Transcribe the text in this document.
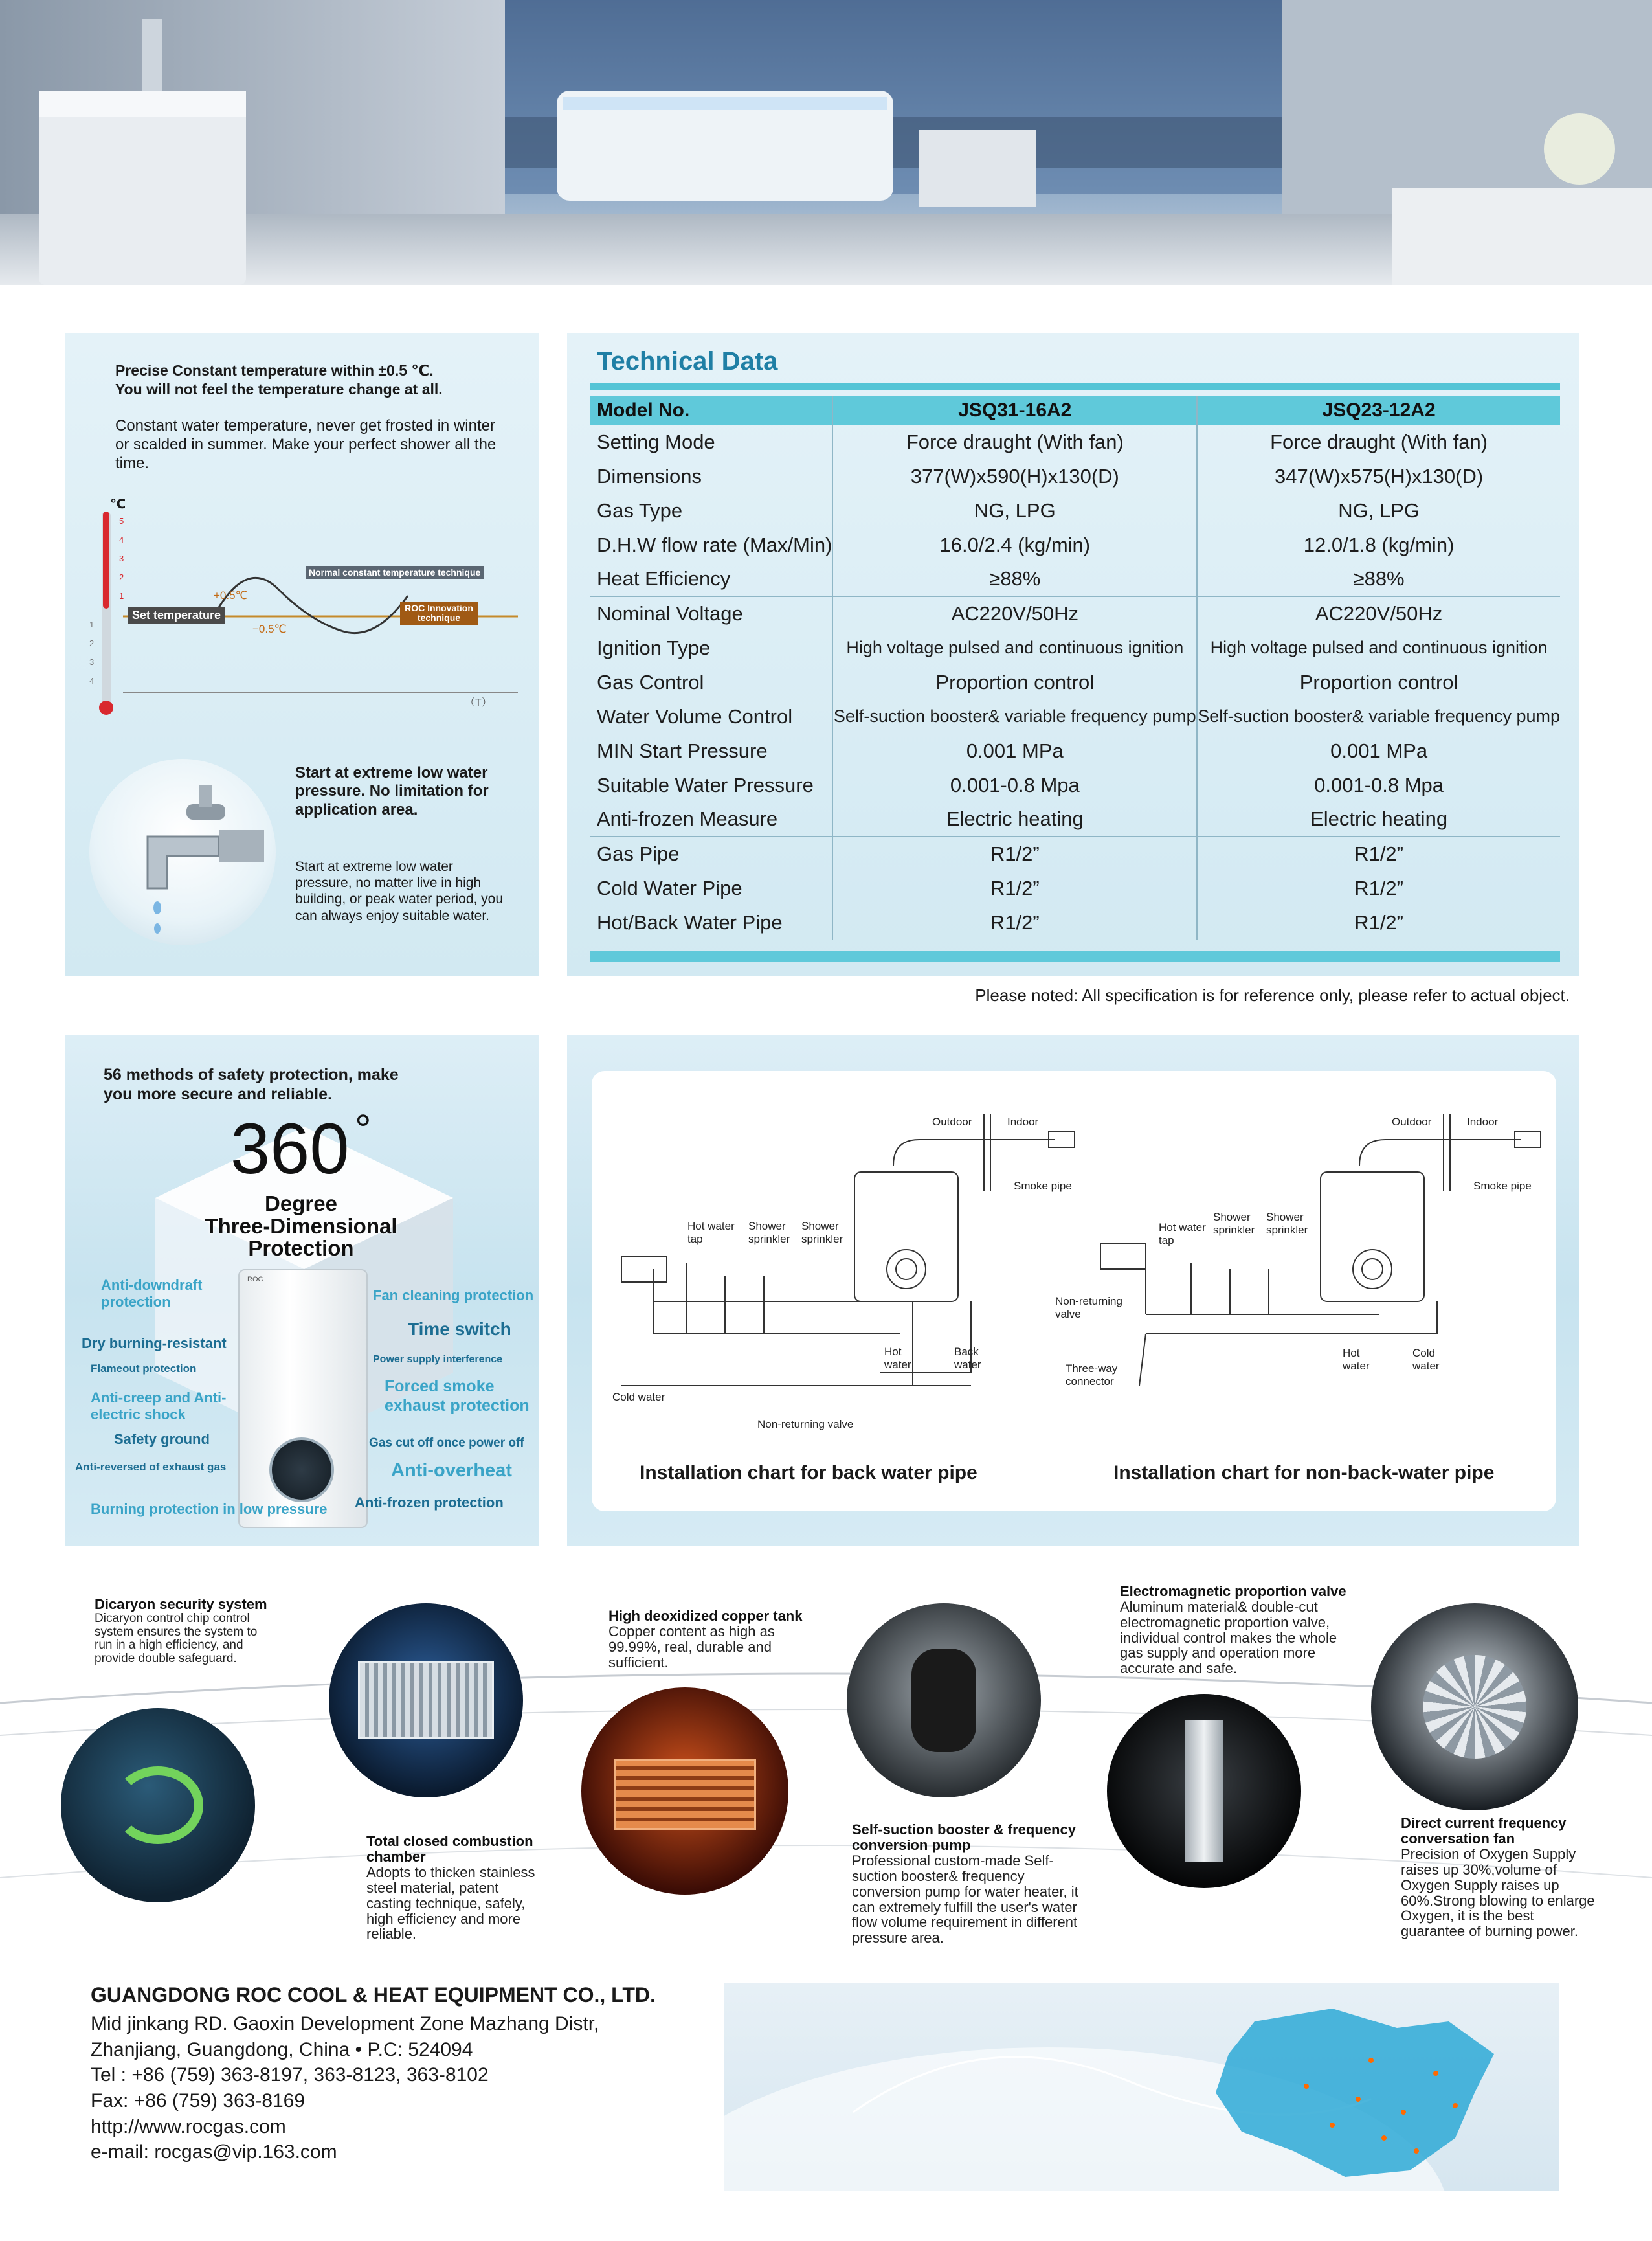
Precise Constant temperature within ±0.5 ℃.
You will not feel the temperature change at all.
Constant water temperature, never get frosted in winter or scalded in summer. Make your perfect shower all the time.
℃
5
4
3
2
1
1
2
3
4
Set temperature
+0.5℃
−0.5℃
Normal constant temperature technique
ROC Innovation
technique
（T）
Start at extreme low water pressure. No limitation for application area.
Start at extreme low water pressure, no matter live in high building, or peak water period, you can always enjoy suitable water.
Technical Data
Model No.	JSQ31-16A2	JSQ23-12A2
Setting Mode	Force draught (With fan)	Force draught (With fan)
Dimensions	377(W)x590(H)x130(D)	347(W)x575(H)x130(D)
Gas Type	NG, LPG	NG, LPG
D.H.W flow rate (Max/Min)	16.0/2.4 (kg/min)	12.0/1.8 (kg/min)
Heat Efficiency	≥88%	≥88%
Nominal Voltage	AC220V/50Hz	AC220V/50Hz
Ignition Type	High voltage pulsed and continuous ignition	High voltage pulsed and continuous ignition
Gas Control	Proportion control	Proportion control
Water Volume Control	Self-suction booster& variable frequency pump	Self-suction booster& variable frequency pump
MIN Start Pressure	0.001 MPa	0.001 MPa
Suitable Water Pressure	0.001-0.8 Mpa	0.001-0.8 Mpa
Anti-frozen Measure	Electric heating	Electric heating
Gas Pipe	R1/2”	R1/2”
Cold Water Pipe	R1/2”	R1/2”
Hot/Back Water Pipe	R1/2”	R1/2”
Please noted: All specification is for reference only, please refer to actual object.
56 methods of safety protection, make
you more secure and reliable.
360 °
Degree
Three-Dimensional
Protection
ROC
Anti-downdraft protection
Dry burning-resistant
Flameout protection
Anti-creep and Anti-electric shock
Safety ground
Anti-reversed of exhaust gas
Burning protection in low pressure
Fan cleaning protection
Time switch
Power supply interference
Forced smoke exhaust protection
Gas cut off once power off
Anti-overheat
Anti-frozen protection
Outdoor	Indoor
Smoke pipe
Hot water tap
Shower sprinkler
Shower sprinkler
Hot water
Back water
Cold water
Non-returning valve
Installation chart for back water pipe
Outdoor	Indoor
Smoke pipe
Hot water tap
Shower sprinkler
Shower sprinkler
Non-returning valve
Three-way connector
Hot water
Cold water
Installation chart for non-back-water pipe
Dicaryon security system
Dicaryon control chip control system ensures the system to run in a high efficiency, and provide double safeguard.
Total closed combustion chamber
Adopts to thicken stainless steel material, patent casting technique, safely, high efficiency and more reliable.
High deoxidized copper tank
Copper content as high as 99.99%, real, durable and sufficient.
Self-suction booster & frequency conversion pump
Professional custom-made Self-suction booster& frequency conversion pump for water heater, it can extremely fulfill the user's water flow volume requirement in different pressure area.
Electromagnetic proportion valve
Aluminum material& double-cut electromagnetic proportion valve, individual control makes the whole gas supply and operation more accurate and safe.
Direct current frequency conversation fan
Precision of Oxygen Supply raises up 30%,volume of Oxygen Supply raises up 60%.Strong blowing to enlarge Oxygen, it is the best guarantee of burning power.
GUANGDONG ROC COOL & HEAT EQUIPMENT CO., LTD.
Mid jinkang RD. Gaoxin Development Zone Mazhang Distr,
Zhanjiang, Guangdong, China • P.C: 524094
Tel : +86 (759) 363-8197, 363-8123, 363-8102
Fax: +86 (759) 363-8169
http://www.rocgas.com
e-mail: rocgas@vip.163.com
